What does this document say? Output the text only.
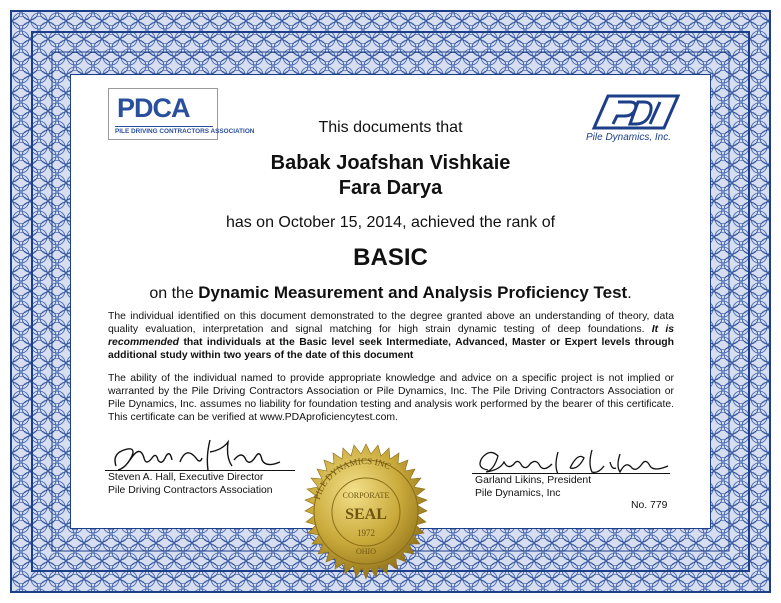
PDCA
PILE DRIVING CONTRACTORS ASSOCIATION
Pile Dynamics, Inc.
This documents that
Babak Joafshan Vishkaie
Fara Darya
has on October 15, 2014, achieved the rank of
BASIC
on the Dynamic Measurement and Analysis Proficiency Test.
The individual identified on this document demonstrated to the degree granted above an understanding of theory, data quality evaluation, interpretation and signal matching for high strain dynamic testing of deep foundations. It is recommended that individuals at the Basic level seek Intermediate, Advanced, Master or Expert levels through additional study within two years of the date of this document
The ability of the individual named to provide appropriate knowledge and advice on a specific project is not implied or warranted by the Pile Driving Contractors Association or Pile Dynamics, Inc. The Pile Driving Contractors Association or Pile Dynamics, Inc. assumes no liability for foundation testing and analysis work performed by the bearer of this certificate. This certificate can be verified at www.PDAproficiencytest.com.
Steven A. Hall, Executive Director
Pile Driving Contractors Association
Garland Likins, President
Pile Dynamics, Inc
No. 779
PILE DYNAMICS INC
CORPORATE
SEAL
1972
OHIO
